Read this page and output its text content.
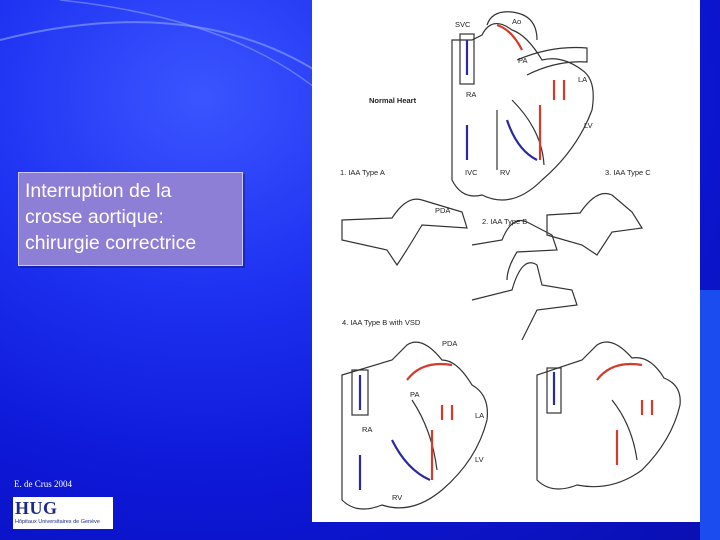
Interruption de la
crosse aortique:
chirurgie correctrice
SVC	Ao
PA
LA
RA
LV
IVC	RV
Normal Heart
1. IAA Type A
PDA
2. IAA Type B
3. IAA Type C
4. IAA Type B with VSD
PDA
PA
LA
RA
LV
RV
E. de Crus 2004
HUG
Hôpitaux Universitaires de Genève
